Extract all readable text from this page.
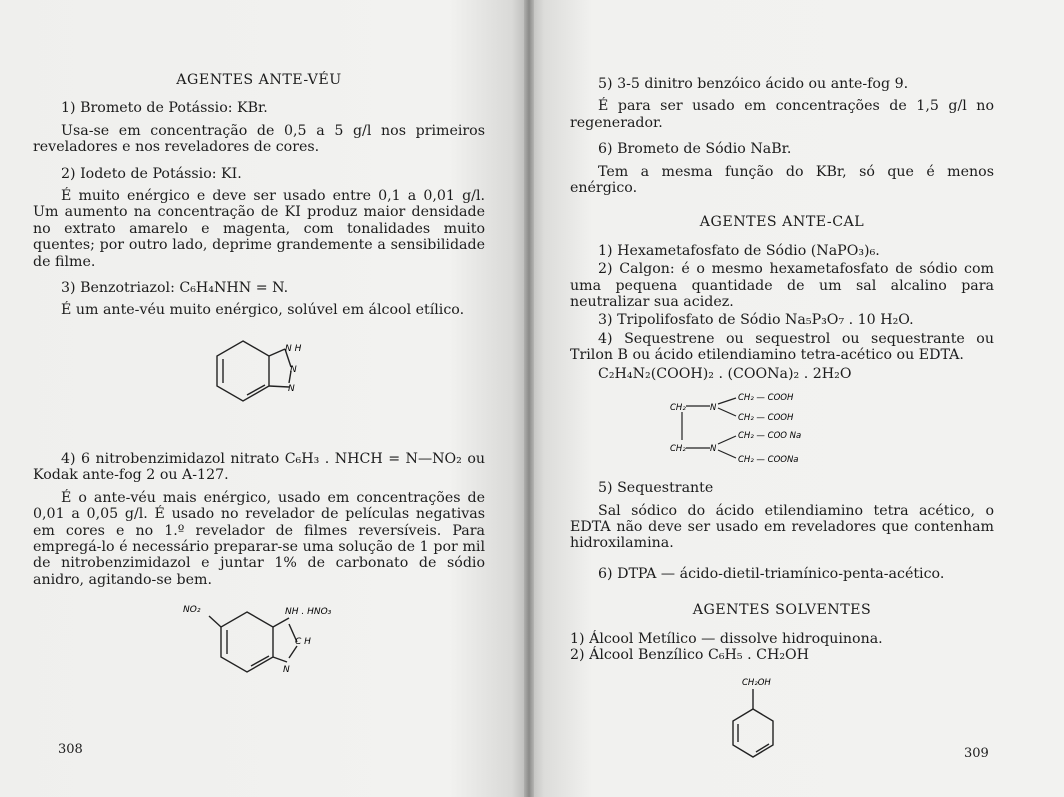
AGENTES ANTE-VÉU

1) Brometo de Potássio: KBr.

Usa-se em concentração de 0,5 a 5 g/l nos primeiros reveladores e nos reveladores de cores.

2) Iodeto de Potássio: KI.

É muito enérgico e deve ser usado entre 0,1 a 0,01 g/l. Um aumento na concentração de KI produz maior densidade no extrato amarelo e magenta, com tonalidades muito quentes; por outro lado, deprime grandemente a sensibilidade de filme.

3) Benzotriazol: C₆H₄NHN = N.

É um ante-véu muito enérgico, solúvel em álcool etílico.

N H
N
N

4) 6 nitrobenzimidazol nitrato C₆H₃ . NHCH = N—NO₂ ou Kodak ante-fog 2 ou A-127.

É o ante-véu mais enérgico, usado em concentrações de 0,01 a 0,05 g/l. É usado no revelador de películas negativas em cores e no 1.º revelador de filmes reversíveis. Para empregá-lo é necessário preparar-se uma solução de 1 por mil de nitrobenzimidazol e juntar 1% de carbonato de sódio anidro, agitando-se bem.

NO₂	NH . HNO₃
C H
N
308

5) 3-5 dinitro benzóico ácido ou ante-fog 9.

É para ser usado em concentrações de 1,5 g/l no regenerador.

6) Brometo de Sódio NaBr.

Tem a mesma função do KBr, só que é menos enérgico.

AGENTES ANTE-CAL

1) Hexametafosfato de Sódio (NaPO₃)₆.

2) Calgon: é o mesmo hexametafosfato de sódio com uma pequena quantidade de um sal alcalino para neutralizar sua acidez.

3) Tripolifosfato de Sódio Na₅P₃O₇ . 10 H₂O.

4) Sequestrene ou sequestrol ou sequestrante ou Trilon B ou ácido etilendiamino tetra-acético ou EDTA.

C₂H₄N₂(COOH)₂ . (COONa)₂ . 2H₂O

CH₂ — COOH
CH₂	N
CH₂ — COOH
CH₂ — COO Na
CH₂	N
CH₂ — COONa

5) Sequestrante

Sal sódico do ácido etilendiamino tetra acético, o EDTA não deve ser usado em reveladores que contenham hidroxilamina.

6) DTPA — ácido-dietil-triamínico-penta-acético.

AGENTES SOLVENTES

1) Álcool Metílico — dissolve hidroquinona.

2) Álcool Benzílico C₆H₅ . CH₂OH

CH₂OH
309
